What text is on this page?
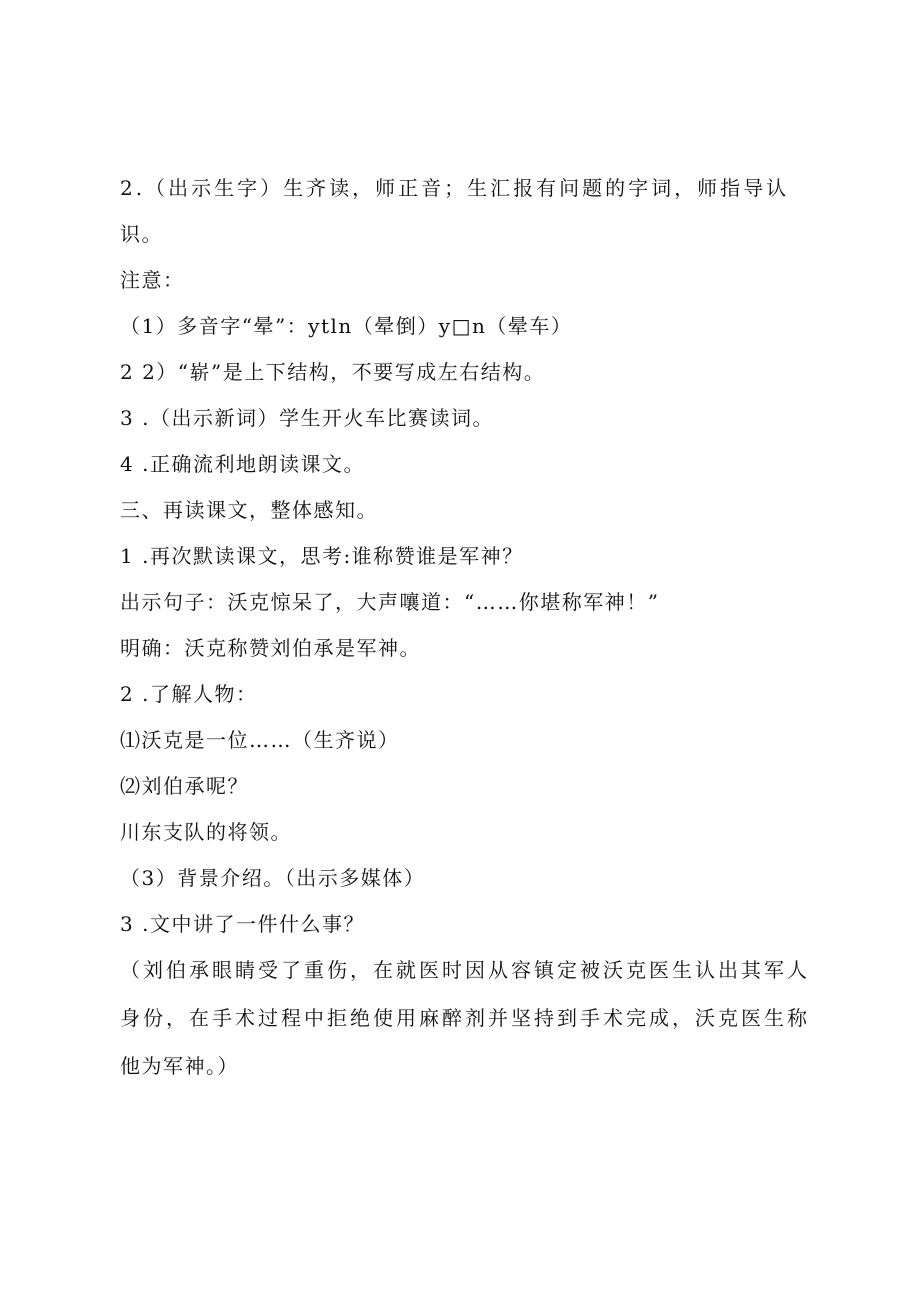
2.（出示生字）生齐读，师正音；生汇报有问题的字词，师指导认
识。
注意：
（1）多音字“晕”：ytln（晕倒）y□n（晕车）
2 2）“崭”是上下结构，不要写成左右结构。
3 .（出示新词）学生开火车比赛读词。
4 .正确流利地朗读课文。
三、再读课文，整体感知。
1 .再次默读课文，思考:谁称赞谁是军神？
出示句子：沃克惊呆了，大声嚷道：“……你堪称军神！”
明确：沃克称赞刘伯承是军神。
2 .了解人物：
⑴沃克是一位……（生齐说）
⑵刘伯承呢？
川东支队的将领。
（3）背景介绍。（出示多媒体）
3 .文中讲了一件什么事？
（刘伯承眼睛受了重伤，在就医时因从容镇定被沃克医生认出其军人
身份，在手术过程中拒绝使用麻醉剂并坚持到手术完成，沃克医生称
他为军神。）
